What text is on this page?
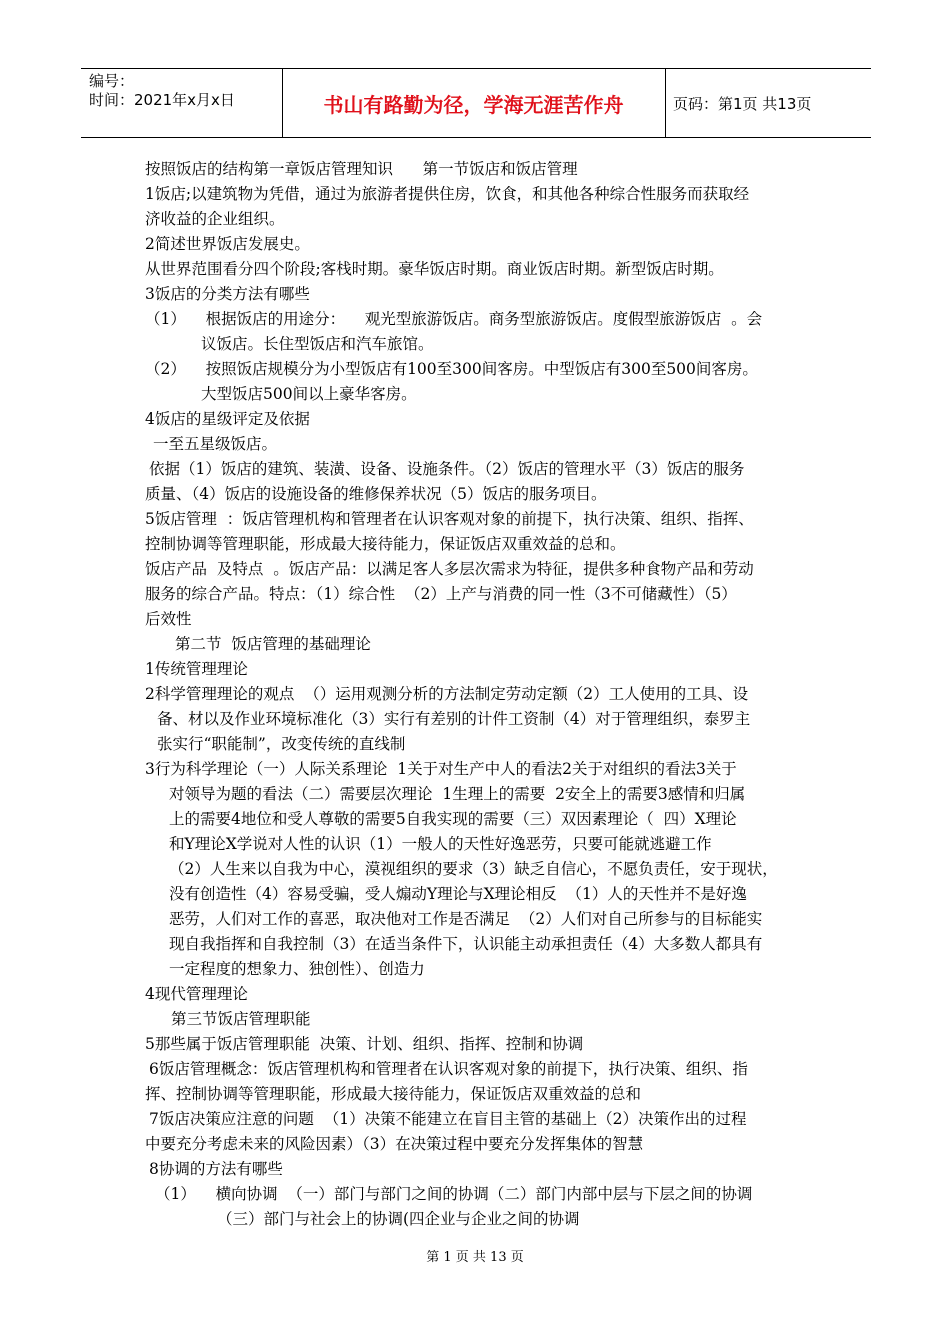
编号：
时间：2021年x月x日	书山有路勤为径，学海无涯苦作舟	页码：第1页 共13页
按照饭店的结构第一章饭店管理知识      第一节饭店和饭店管理
1饭店;以建筑物为凭借，通过为旅游者提供住房，饮食，和其他各种综合性服务而获取经
济收益的企业组织。
2简述世界饭店发展史。
从世界范围看分四个阶段;客栈时期。豪华饭店时期。商业饭店时期。新型饭店时期。
3饭店的分类方法有哪些
（1）    根据饭店的用途分：    观光型旅游饭店。商务型旅游饭店。度假型旅游饭店  。会
议饭店。长住型饭店和汽车旅馆。
（2）    按照饭店规模分为小型饭店有100至300间客房。中型饭店有300至500间客房。
大型饭店500间以上豪华客房。
4饭店的星级评定及依据
一至五星级饭店。
依据（1）饭店的建筑、装潢、设备、设施条件。（2）饭店的管理水平（3）饭店的服务
质量、（4）饭店的设施设备的维修保养状况（5）饭店的服务项目。
5饭店管理  ：饭店管理机构和管理者在认识客观对象的前提下，执行决策、组织、指挥、
控制协调等管理职能，形成最大接待能力，保证饭店双重效益的总和。
饭店产品  及特点  。饭店产品：以满足客人多层次需求为特征，提供多种食物产品和劳动
服务的综合产品。特点：（1）综合性  （2）上产与消费的同一性（3不可储藏性）（5）
后效性
第二节  饭店管理的基础理论
1传统管理理论
2科学管理理论的观点  （）运用观测分析的方法制定劳动定额（2）工人使用的工具、设
备、材以及作业环境标准化（3）实行有差别的计件工资制（4）对于管理组织，泰罗主
张实行“职能制”，改变传统的直线制
3行为科学理论（一）人际关系理论  1关于对生产中人的看法2关于对组织的看法3关于
对领导为题的看法（二）需要层次理论  1生理上的需要  2安全上的需要3感情和归属
上的需要4地位和受人尊敬的需要5自我实现的需要（三）双因素理论（  四）X理论
和Y理论X学说对人性的认识（1）一般人的天性好逸恶劳，只要可能就逃避工作
（2）人生来以自我为中心，漠视组织的要求（3）缺乏自信心，不愿负责任，安于现状，
没有创造性（4）容易受骗，受人煽动Y理论与X理论相反  （1）人的天性并不是好逸
恶劳，人们对工作的喜恶，取决他对工作是否满足  （2）人们对自己所参与的目标能实
现自我指挥和自我控制（3）在适当条件下，认识能主动承担责任（4）大多数人都具有
一定程度的想象力、独创性）、创造力
4现代管理理论
第三节饭店管理职能
5那些属于饭店管理职能  决策、计划、组织、指挥、控制和协调
6饭店管理概念：饭店管理机构和管理者在认识客观对象的前提下，执行决策、组织、指
挥、控制协调等管理职能，形成最大接待能力，保证饭店双重效益的总和
7饭店决策应注意的问题  （1）决策不能建立在盲目主管的基础上（2）决策作出的过程
中要充分考虑未来的风险因素）（3）在决策过程中要充分发挥集体的智慧
8协调的方法有哪些
（1）    横向协调  （一）部门与部门之间的协调（二）部门内部中层与下层之间的协调
（三）部门与社会上的协调(四企业与企业之间的协调
第 1 页 共 13 页
